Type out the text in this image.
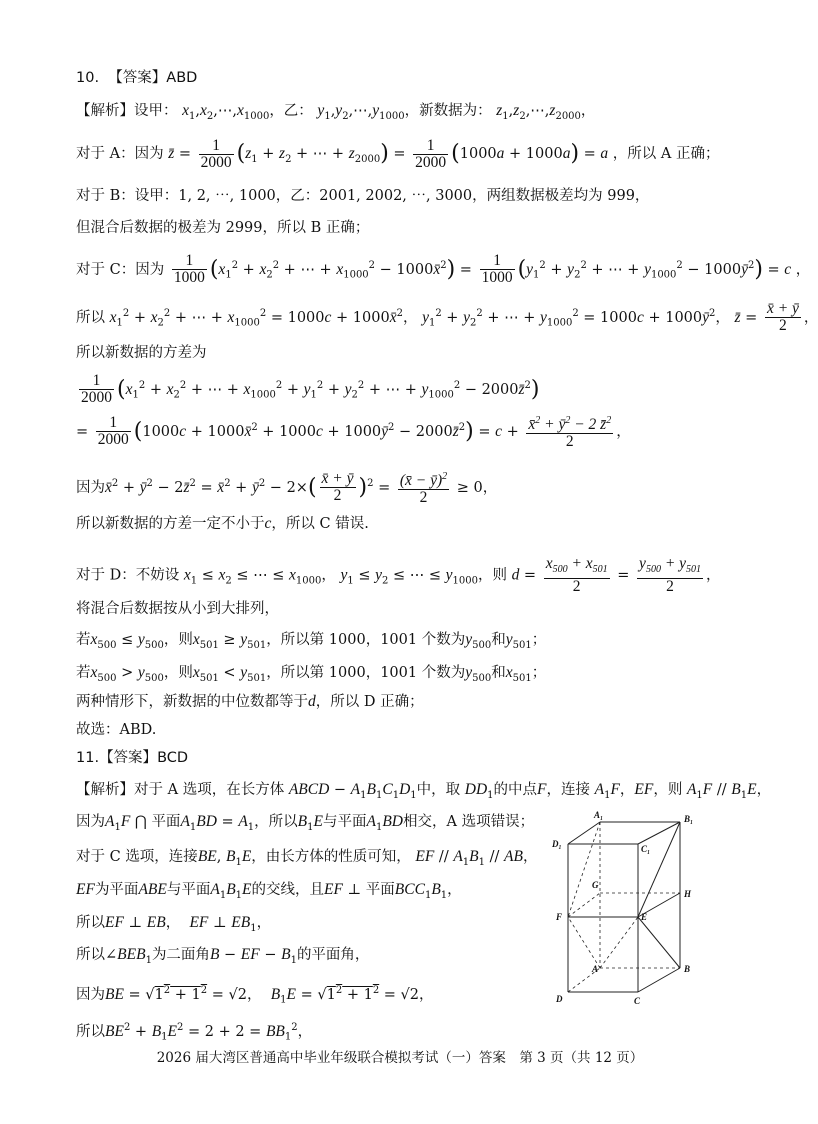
10. 【答案】ABD
【解析】设甲： $x_1,x_2,\cdots,x_{1000}$，乙： $y_1,y_2,\cdots,y_{1000}$，新数据为： $z_1,z_2,\cdots,z_{2000}$，
对于 A：因为 z̄ = $\frac{1}{2000} (z_1 + z_2$ + ⋯ + $z_{2000}) = \frac{1}{2000} (1000a + 1000a) = a$ ，所以 A 正确；
对于 B：设甲：1, 2, ⋯, 1000，乙：2001, 2002, ⋯, 3000，两组数据极差均为 999，
但混合后数据的极差为 2999，所以 B 正确；
对于 C：因为 $\frac{1}{1000} (x_1^2 + x_2^2$ + ⋯ + $x_{1000}^2$ − 1000x̄$^2$) = $\frac{1}{1000} (y_1^2 + y_2^2$ + ⋯ + $y_{1000}^2$ − $1000ȳ^2) = c$ ，
所以 $x_1^2 + x_2^2$ + ⋯ + $x_{1000}^2 = 1000c$ + 1000x̄$^2$， $y_1^2 + y_2^2$ + ⋯ + $y_{1000}^2 = 1000c$ + $1000ȳ^2$， z̄ = $\frac{x̄ + ȳ}{2}$ ，
所以新数据的方差为
$\frac{1}{2000} (x_1^2 + x_2^2$ + ⋯ + $x_{1000}^2 + y_1^2 + y_2^2$ + ⋯ + $y_{1000}^2$ − 2000z̄$^2$)
= $\frac{1}{2000} (1000c$ + 1000x̄$^2$ + $1000c + 1000ȳ^2$ − 2000z̄$^2$) = $c + \frac{x̄^2 + ȳ^2 - 2 z̄^2}{2}$ ，
因为x̄$^2$ + $ȳ^2$ − 2z̄$^2$ = x̄$^2$ + $ȳ^2 - 2\times( \frac{x̄ + ȳ}{2} )^2 = \frac{(x̄ - ȳ)^2}{2} \ge 0$，
所以新数据的方差一定不小于c，所以 C 错误.
对于 D：不妨设 $x_1 \le x_2$ ≤ ⋯ ≤ $x_{1000}$， $y_1 \le y_2$ ≤ ⋯ ≤ $y_{1000}$，则 $d = \frac{x_{500} + x_{501}}{2} = \frac{y_{500} + y_{501}}{2}$ ，
将混合后数据按从小到大排列，
若$x_{500} \le y_{500}$，则$x_{501} \ge y_{501}$，所以第 1000，1001 个数为$y_{500}$和$y_{501}$；
若$x_{500} > y_{500}$，则$x_{501} < y_{501}$，所以第 1000，1001 个数为$y_{500}$和$x_{501}$；
两种情形下，新数据的中位数都等于d，所以 D 正确；
故选：ABD.
11.【答案】BCD
【解析】对于 A 选项，在长方体 ABCD − $A_1B_1C_1D_1$中，取 $DD_1$的中点F，连接 $A_1F$，EF，则 $A_1F // B_1E$，
因为$A_1F$ ⋂ 平面$A_1BD = A_1$，所以$B_1E$与平面$A_1BD$相交，A 选项错误；
对于 C 选项，连接BE, $B_1E$，由长方体的性质可知， EF // $A_1B_1$ // AB，
EF为平面ABE与平面$A_1B_1E$的交线，且EF ⊥ 平面$BCC_1B_1$，
所以EF ⊥ EB，  EF ⊥ $EB_1$，
所以$\angle BEB_1$为二面角B − EF − $B_1$的平面角，
因为BE = $√1^2 + 1^2 = √2$，  $B_1E = √1^2 + 1^2 = √2$，
所以$BE^2 + B_1E^2 = 2 + 2 = BB_1^2$，
A₁	B₁
D₁	C₁
G
F	E
H
A	B
D	C
2026 届大湾区普通高中毕业年级联合模拟考试（一）答案　第 3 页（共 12 页）
